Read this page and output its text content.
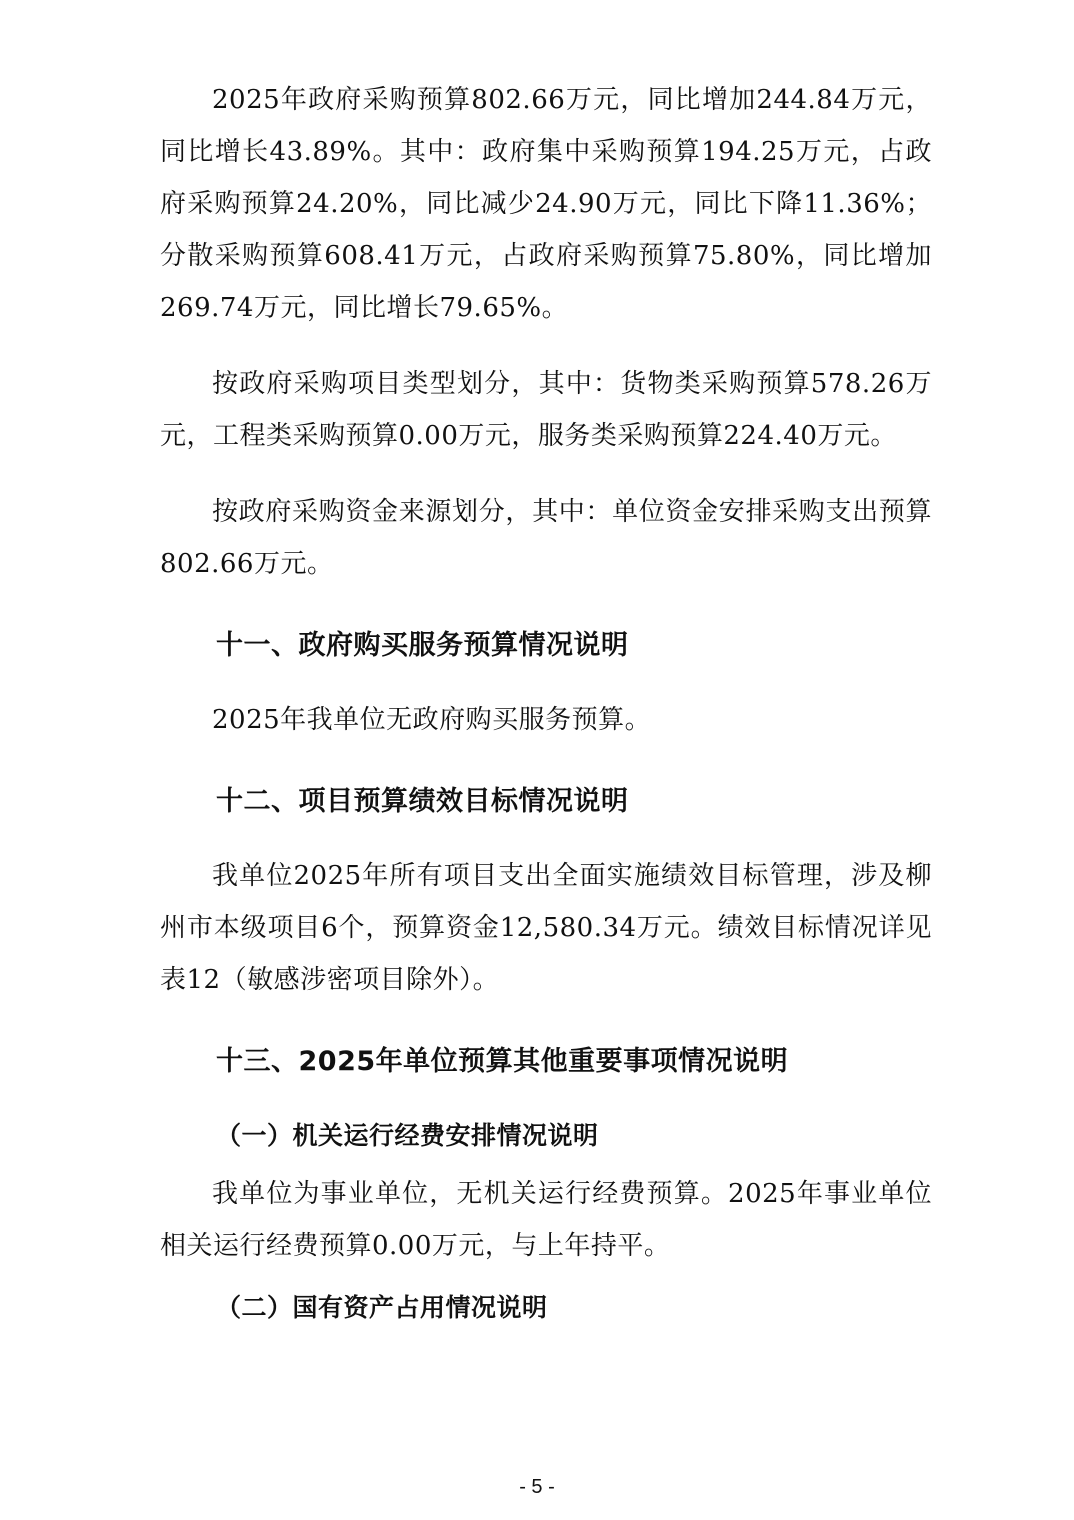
2025年政府采购预算802.66万元，同比增加244.84万元，同比增长43.89%。其中：政府集中采购预算194.25万元，占政府采购预算24.20%，同比减少24.90万元，同比下降11.36%；分散采购预算608.41万元，占政府采购预算75.80%，同比增加269.74万元，同比增长79.65%。

按政府采购项目类型划分，其中：货物类采购预算578.26万元，工程类采购预算0.00万元，服务类采购预算224.40万元。

按政府采购资金来源划分，其中：单位资金安排采购支出预算802.66万元。

十一、政府购买服务预算情况说明

2025年我单位无政府购买服务预算。

十二、项目预算绩效目标情况说明

我单位2025年所有项目支出全面实施绩效目标管理，涉及柳州市本级项目6个，预算资金12,580.34万元。绩效目标情况详见表12（敏感涉密项目除外）。

十三、2025年单位预算其他重要事项情况说明
（一）机关运行经费安排情况说明

我单位为事业单位，无机关运行经费预算。2025年事业单位相关运行经费预算0.00万元，与上年持平。

（二）国有资产占用情况说明
- 5 -
